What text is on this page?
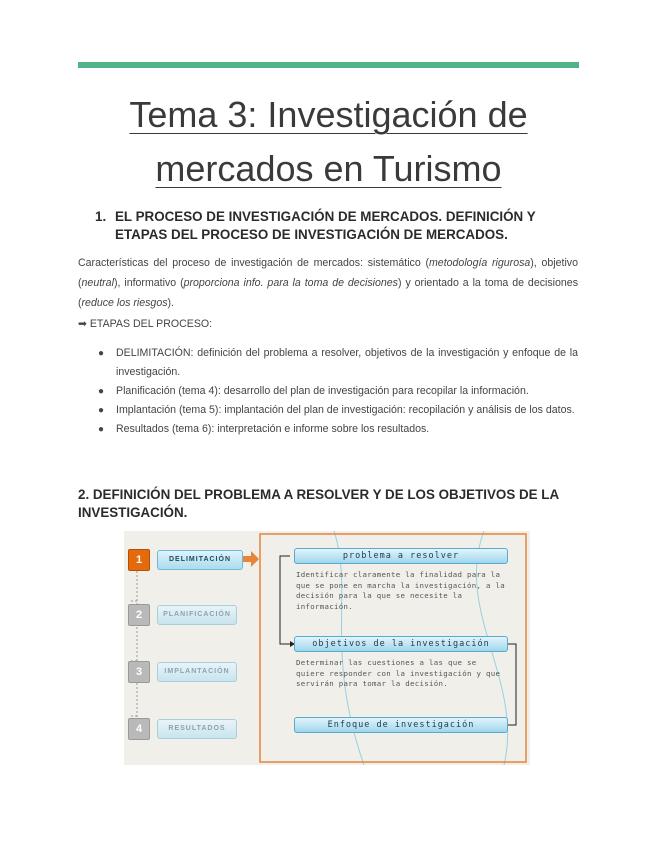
Tema 3: Investigación de
mercados en Turismo
1. EL PROCESO DE INVESTIGACIÓN DE MERCADOS. DEFINICIÓN Y ETAPAS DEL PROCESO DE INVESTIGACIÓN DE MERCADOS.

Características del proceso de investigación de mercados: sistemático (metodología rigurosa), objetivo (neutral), informativo (proporciona info. para la toma de decisiones) y orientado a la toma de decisiones (reduce los riesgos).

➡ ETAPAS DEL PROCESO:
● DELIMITACIÓN: definición del problema a resolver, objetivos de la investigación y enfoque de la investigación.
● Planificación (tema 4): desarrollo del plan de investigación para recopilar la información.
● Implantación (tema 5): implantación del plan de investigación: recopilación y análisis de los datos.
● Resultados (tema 6): interpretación e informe sobre los resultados.
2. DEFINICIÓN DEL PROBLEMA A RESOLVER Y DE LOS OBJETIVOS DE LA INVESTIGACIÓN.
1	DELIMITACIÓN
2	PLANIFICACIÓN
3	IMPLANTACIÓN
4	RESULTADOS
problema a resolver
Identificar claramente la finalidad para la que se pone en marcha la investigación, a la decisión para la que se necesite la información.
objetivos de la investigación
Determinar las cuestiones a las que se quiere responder con la investigación y que servirán para tomar la decisión.
Enfoque de investigación
